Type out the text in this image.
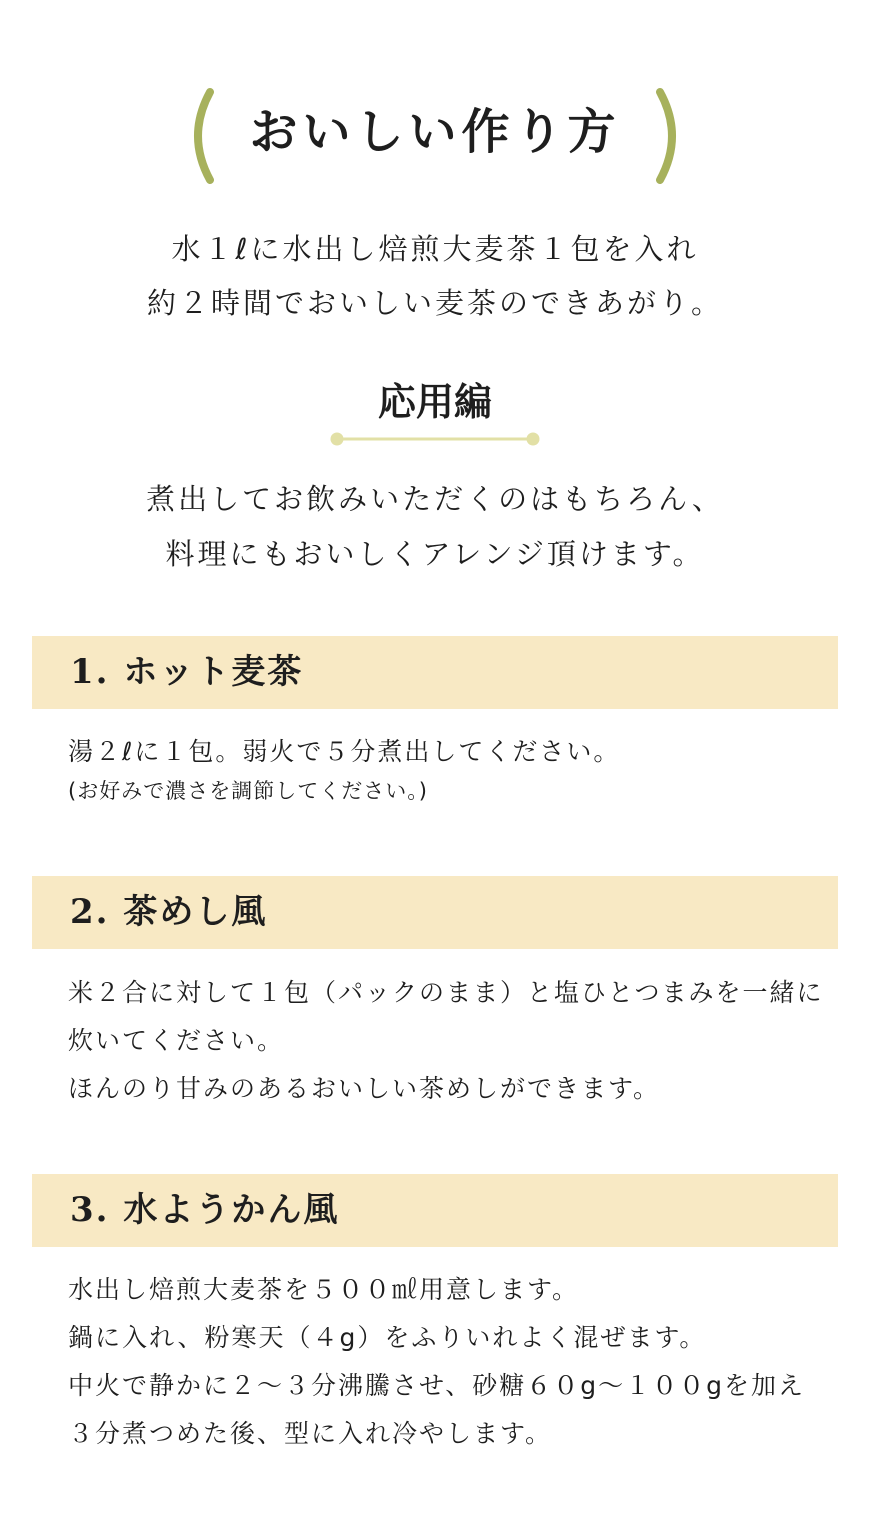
おいしい作り方
水１ℓに水出し焙煎大麦茶１包を入れ
約２時間でおいしい麦茶のできあがり。
応用編
煮出してお飲みいただくのはもちろん、
料理にもおいしくアレンジ頂けます。
1. ホット麦茶
湯２ℓに１包。弱火で５分煮出してください。
(お好みで濃さを調節してください。)
2. 茶めし風
米２合に対して１包（パックのまま）と塩ひとつまみを一緒に
炊いてください。
ほんのり甘みのあるおいしい茶めしができます。
3. 水ようかん風
水出し焙煎大麦茶を５００㎖用意します。
鍋に入れ、粉寒天（４g）をふりいれよく混ぜます。
中火で静かに２～３分沸騰させ、砂糖６０g～１００gを加え
３分煮つめた後、型に入れ冷やします。
